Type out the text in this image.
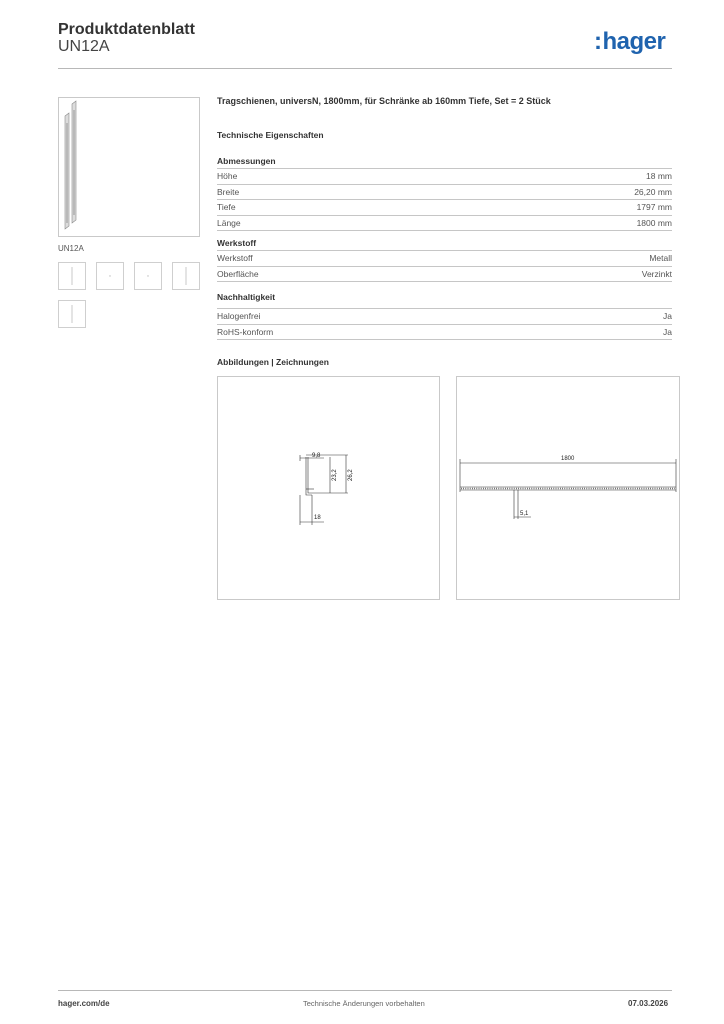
Produktdatenblatt
UN12A	:hager
UN12A
Tragschienen, universN, 1800mm, für Schränke ab 160mm Tiefe, Set = 2 Stück
Technische Eigenschaften
Abmessungen
Höhe	18 mm
Breite	26,20 mm
Tiefe	1797 mm
Länge	1800 mm
Werkstoff
Werkstoff	Metall
Oberfläche	Verzinkt
Nachhaltigkeit
Halogenfrei	Ja
RoHS-konform	Ja
Abbildungen | Zeichnungen
9,8
23,2 26,2
18
1800
5,1
hager.com/de	Technische Änderungen vorbehalten	07.03.2026
